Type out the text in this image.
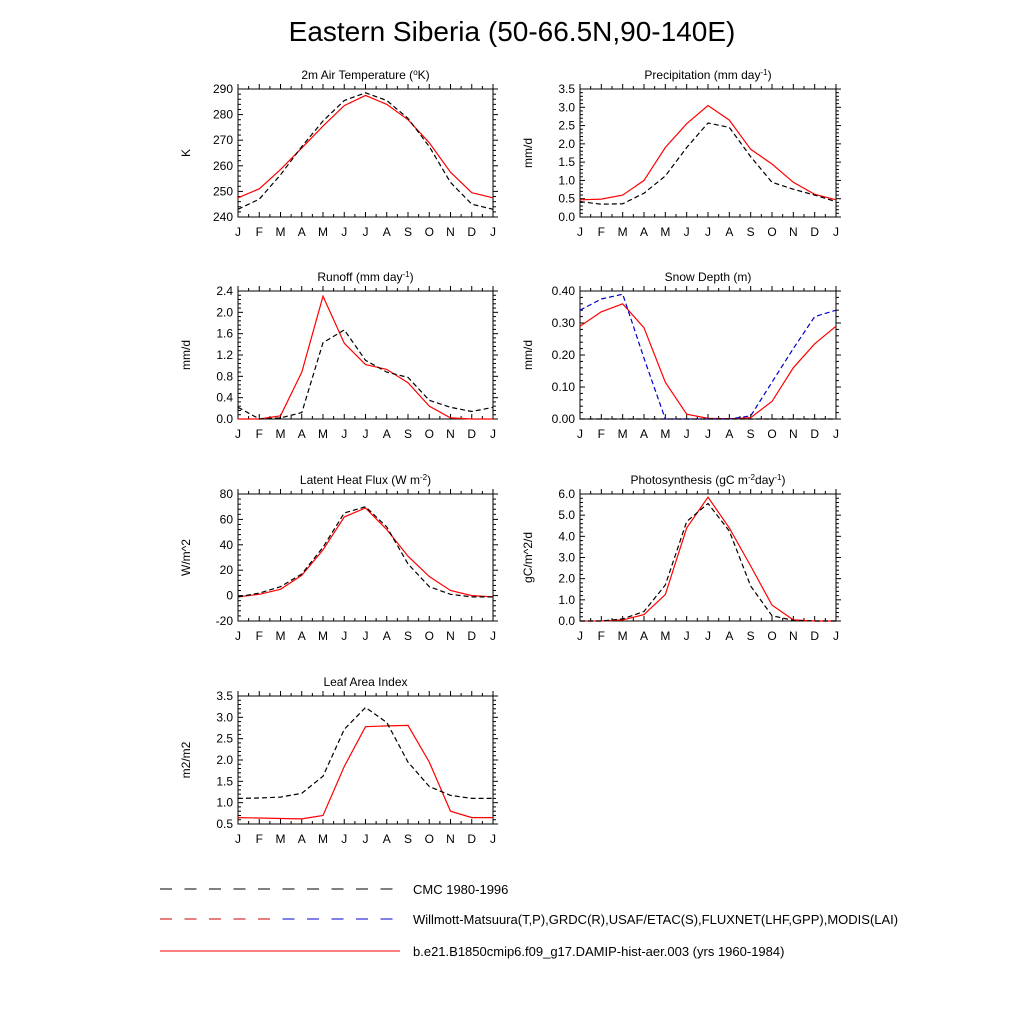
Eastern Siberia (50-66.5N,90-140E)
J F M A M J J A S O N D J
240
250
260
270
280
290
2m Air Temperature ($^o$K)
K
J F M A M J J A S O N D J
0.0
0.5
1.0
1.5
2.0
2.5
3.0
3.5
Precipitation (mm day$^{-1}$)
mm/d
J F M A M J J A S O N D J
0.0
0.4
0.8
1.2
1.6
2.0
2.4
Runoff (mm day$^{-1}$)
mm/d
J F M A M J J A S O N D J
0.00
0.10
0.20
0.30
0.40
Snow Depth (m)
mm/d
J F M A M J J A S O N D J
-20
0
20
40
60
80
Latent Heat Flux (W $m^{-2}$)
W/m^2
J F M A M J J A S O N D J
0.0
1.0
2.0
3.0
4.0
5.0
6.0
Photosynthesis (gC $m^{-2}day^{-1}$)
gC/m^2/d
J F M A M J J A S O N D J
0.5
1.0
1.5
2.0
2.5
3.0
3.5
Leaf Area Index
m2/m2
CMC 1980-1996
Willmott-Matsuura(T,P),GRDC(R),USAF/ETAC(S),FLUXNET(LHF,GPP),MODIS(LAI)
b.e21.B1850cmip6.f09_g17.DAMIP-hist-aer.003 (yrs 1960-1984)
